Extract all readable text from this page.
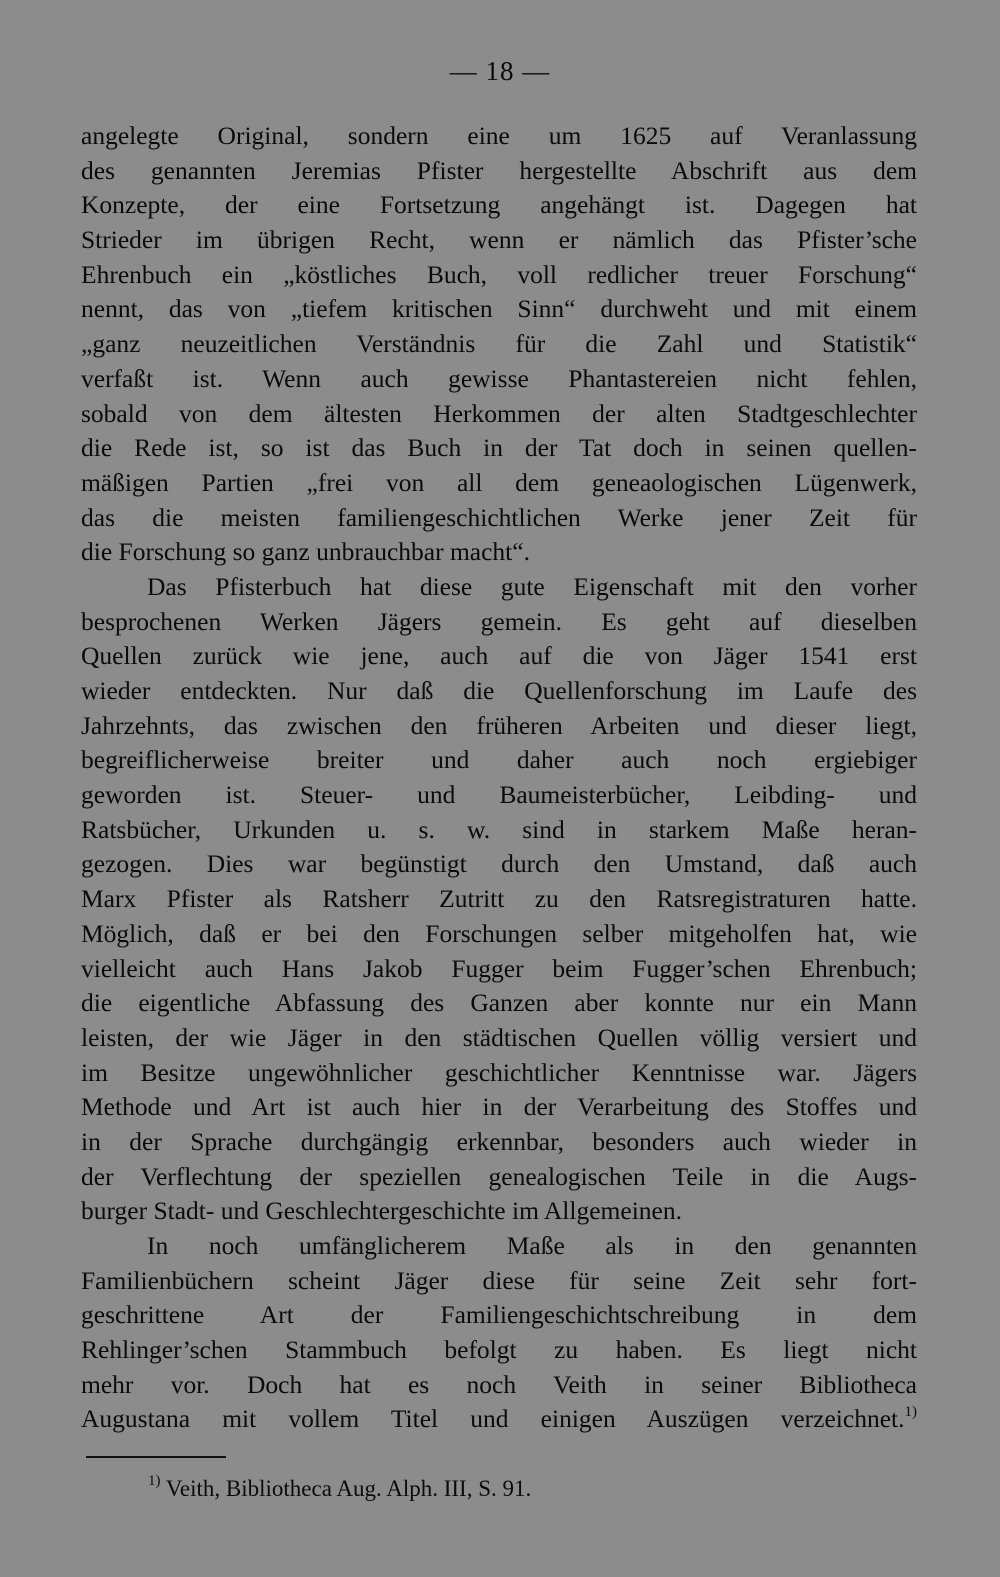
— 18 —
angelegte Original, sondern eine um 1625 auf Veranlassung
des genannten Jeremias Pfister hergestellte Abschrift aus dem
Konzepte, der eine Fortsetzung angehängt ist. Dagegen hat
Strieder im übrigen Recht, wenn er nämlich das Pfister’sche
Ehrenbuch ein „köstliches Buch, voll redlicher treuer Forschung“
nennt, das von „tiefem kritischen Sinn“ durchweht und mit einem
„ganz neuzeitlichen Verständnis für die Zahl und Statistik“
verfaßt ist. Wenn auch gewisse Phantastereien nicht fehlen,
sobald von dem ältesten Herkommen der alten Stadtgeschlechter
die Rede ist, so ist das Buch in der Tat doch in seinen quellen-
mäßigen Partien „frei von all dem geneaologischen Lügenwerk,
das die meisten familiengeschichtlichen Werke jener Zeit für
die Forschung so ganz unbrauchbar macht“.
Das Pfisterbuch hat diese gute Eigenschaft mit den vorher
besprochenen Werken Jägers gemein. Es geht auf dieselben
Quellen zurück wie jene, auch auf die von Jäger 1541 erst
wieder entdeckten. Nur daß die Quellenforschung im Laufe des
Jahrzehnts, das zwischen den früheren Arbeiten und dieser liegt,
begreiflicherweise breiter und daher auch noch ergiebiger
geworden ist. Steuer- und Baumeisterbücher, Leibding- und
Ratsbücher, Urkunden u. s. w. sind in starkem Maße heran-
gezogen. Dies war begünstigt durch den Umstand, daß auch
Marx Pfister als Ratsherr Zutritt zu den Ratsregistraturen hatte.
Möglich, daß er bei den Forschungen selber mitgeholfen hat, wie
vielleicht auch Hans Jakob Fugger beim Fugger’schen Ehrenbuch;
die eigentliche Abfassung des Ganzen aber konnte nur ein Mann
leisten, der wie Jäger in den städtischen Quellen völlig versiert und
im Besitze ungewöhnlicher geschichtlicher Kenntnisse war. Jägers
Methode und Art ist auch hier in der Verarbeitung des Stoffes und
in der Sprache durchgängig erkennbar, besonders auch wieder in
der Verflechtung der speziellen genealogischen Teile in die Augs-
burger Stadt- und Geschlechtergeschichte im Allgemeinen.
In noch umfänglicherem Maße als in den genannten
Familienbüchern scheint Jäger diese für seine Zeit sehr fort-
geschrittene Art der Familiengeschichtschreibung in dem
Rehlinger’schen Stammbuch befolgt zu haben. Es liegt nicht
mehr vor. Doch hat es noch Veith in seiner Bibliotheca
Augustana mit vollem Titel und einigen Auszügen verzeichnet.$^{1)}$
$^{1)}$ Veith, Bibliotheca Aug. Alph. III, S. 91.
